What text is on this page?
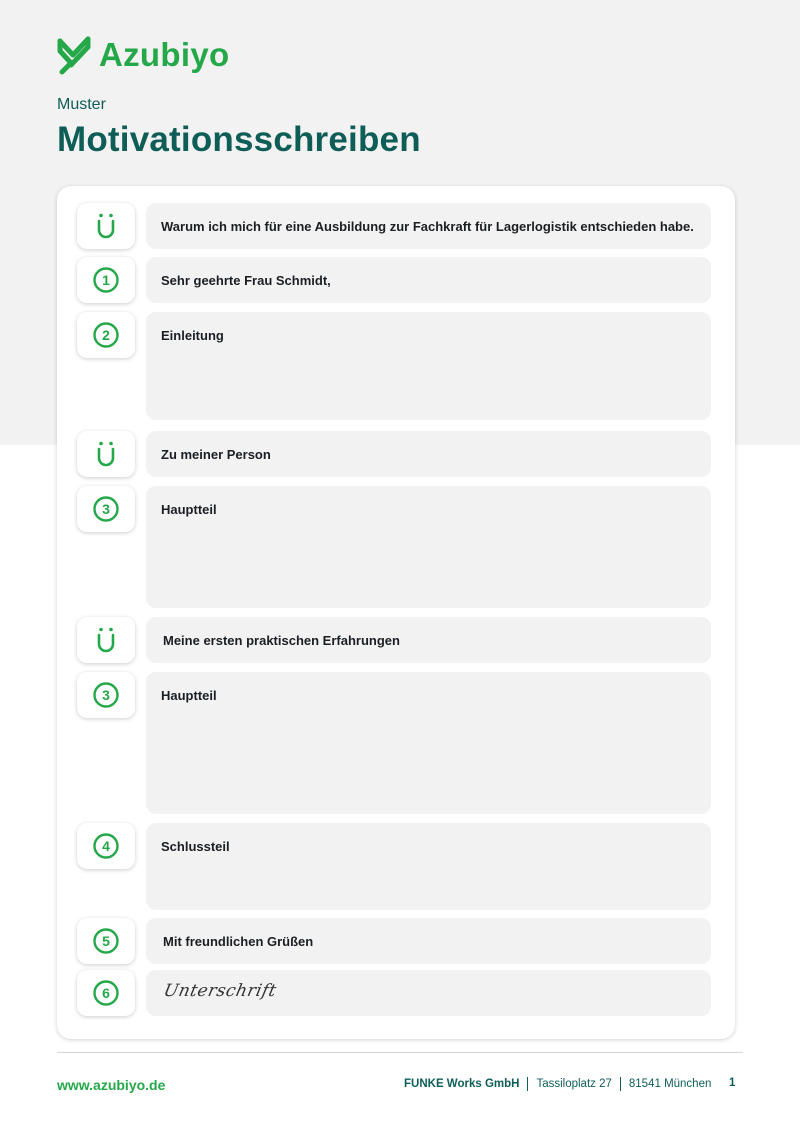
Azubiyo
Muster
Motivationsschreiben
Warum ich mich für eine Ausbildung zur Fachkraft für Lagerlogistik entschieden habe.
1	Sehr geehrte Frau Schmidt,
2	Einleitung
Zu meiner Person
3	Hauptteil
Meine ersten praktischen Erfahrungen
3	Hauptteil
4	Schlussteil
5	Mit freundlichen Grüßen
6	Unterschrift
www.azubiyo.de	FUNKE Works GmbH Tassiloplatz 27 81541 München 1
